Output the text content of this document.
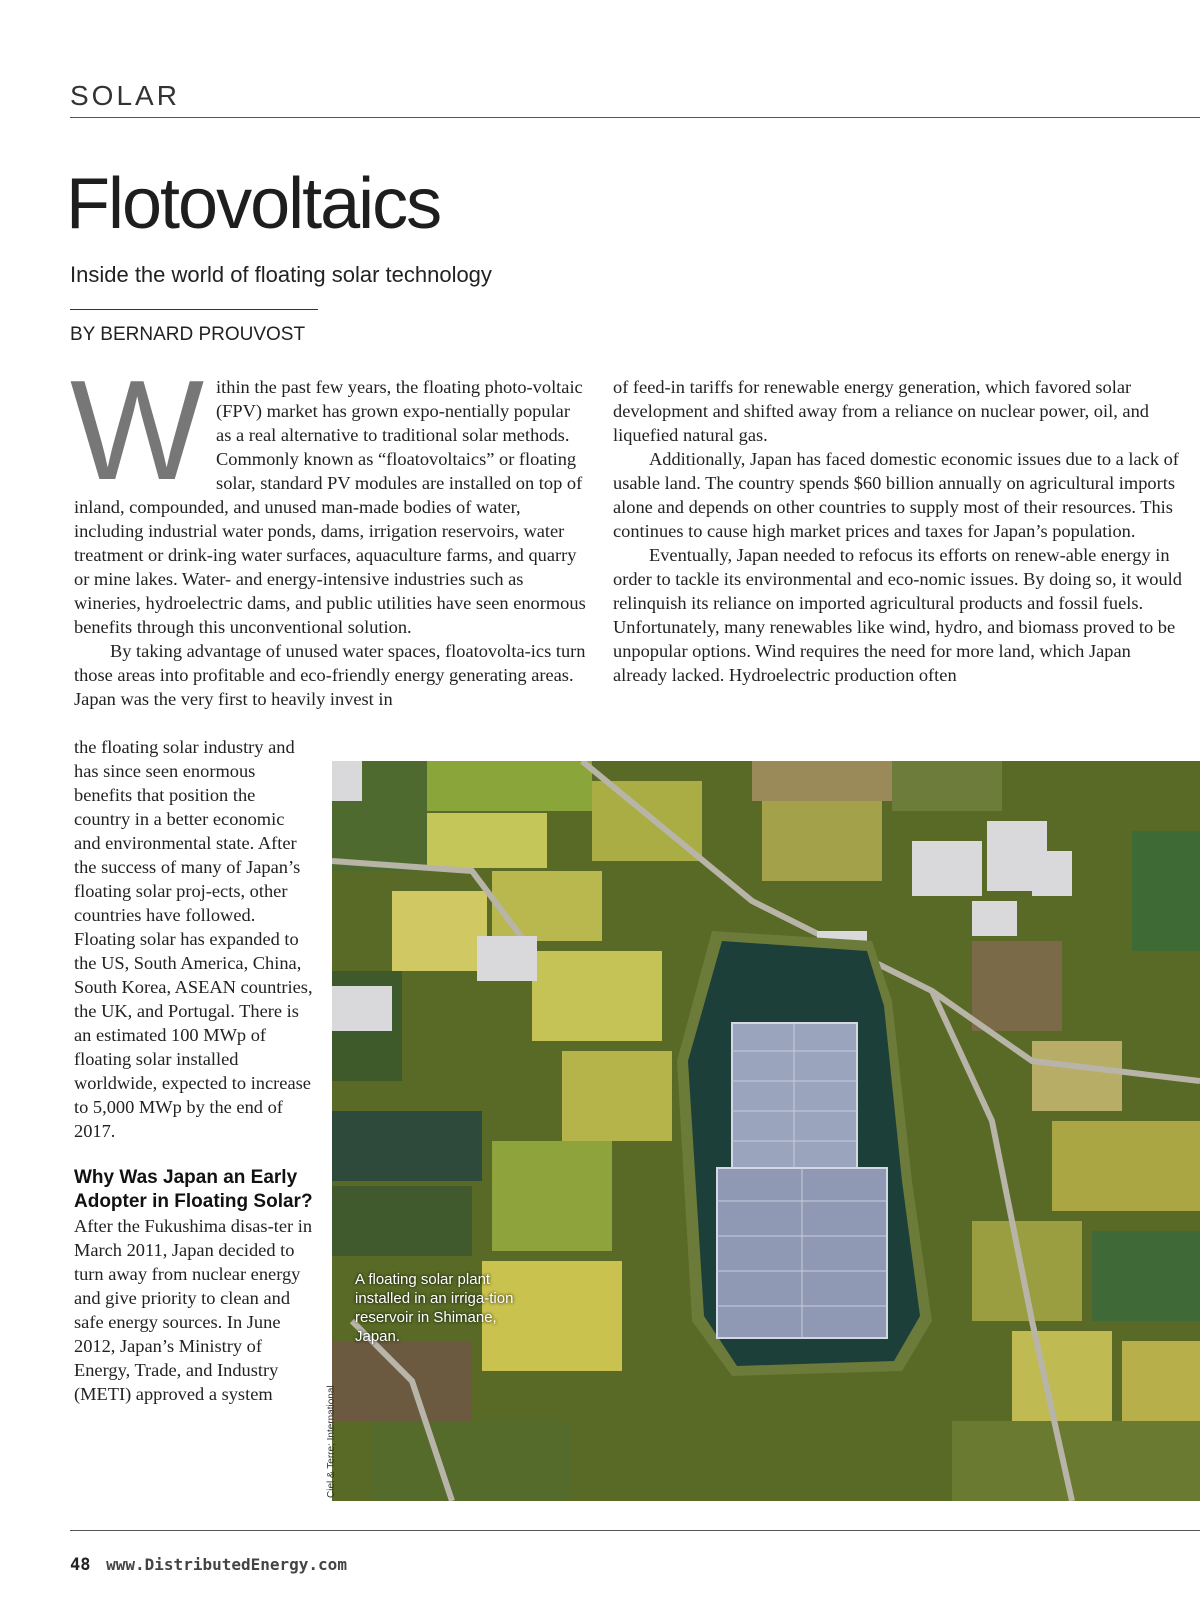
SOLAR
Flotovoltaics
Inside the world of floating solar technology
BY BERNARD PROUVOST
W ithin the past few years, the floating photo-voltaic (FPV) market has grown expo-nentially popular as a real alternative to traditional solar methods. Commonly known as “floatovoltaics” or floating solar, standard PV modules are installed on top of inland, compounded, and unused man-made bodies of water, including industrial water ponds, dams, irrigation reservoirs, water treatment or drink-ing water surfaces, aquaculture farms, and quarry or mine lakes. Water- and energy-intensive industries such as wineries, hydroelectric dams, and public utilities have seen enormous benefits through this unconventional solution.

By taking advantage of unused water spaces, floatovolta-ics turn those areas into profitable and eco-friendly energy generating areas. Japan was the very first to heavily invest in

the floating solar industry and has since seen enormous benefits that position the country in a better economic and environmental state. After the success of many of Japan’s floating solar proj-ects, other countries have followed. Floating solar has expanded to the US, South America, China, South Korea, ASEAN countries, the UK, and Portugal. There is an estimated 100 MWp of floating solar installed worldwide, expected to increase to 5,000 MWp by the end of 2017.

Why Was Japan an Early Adopter in Floating Solar?

After the Fukushima disas-ter in March 2011, Japan decided to turn away from nuclear energy and give priority to clean and safe energy sources. In June 2012, Japan’s Ministry of Energy, Trade, and Industry (METI) approved a system

of feed-in tariffs for renewable energy generation, which favored solar development and shifted away from a reliance on nuclear power, oil, and liquefied natural gas.

Additionally, Japan has faced domestic economic issues due to a lack of usable land. The country spends $60 billion annually on agricultural imports alone and depends on other countries to supply most of their resources. This continues to cause high market prices and taxes for Japan’s population.

Eventually, Japan needed to refocus its efforts on renew-able energy in order to tackle its environmental and eco-nomic issues. By doing so, it would relinquish its reliance on imported agricultural products and fossil fuels. Unfortunately, many renewables like wind, hydro, and biomass proved to be unpopular options. Wind requires the need for more land, which Japan already lacked. Hydroelectric production often

A floating solar plant installed in an irriga-tion reservoir in Shimane, Japan.
Ciel & Terre; International
48 www.DistributedEnergy.com
